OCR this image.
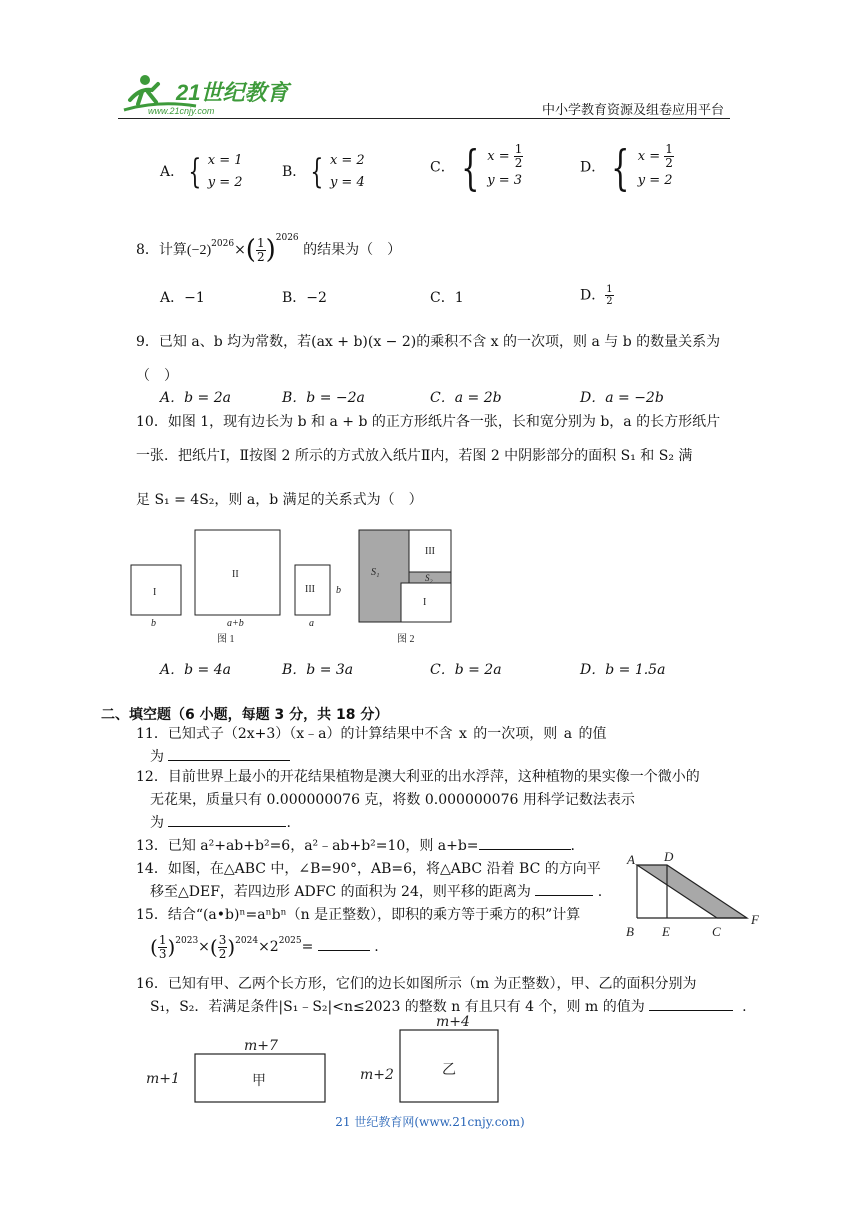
21世纪教育
www.21cnjy.com	中小学教育资源及组卷应用平台
A． { x = 1
y = 2
B． { x = 2
y = 4
C． { $x = \frac{1}{2}$
y = 3
D． { $x = \frac{1}{2}$
y = 2
8．计算$(-2)^{2026}\times( \frac{1}{2} )^{2026}$ 的结果为（　）
A．−1	B．−2	C．1	D． $\frac{1}{2}$
9．已知 a、b 均为常数，若(ax + b)(x − 2)的乘积不含 x 的一次项，则 a 与 b 的数量关系为
（　）
A．b = 2a	B．b = −2a	C．a = 2b	D．a = −2b
10．如图 1，现有边长为 b 和 a + b 的正方形纸片各一张，长和宽分别为 b，a 的长方形纸片
一张．把纸片Ⅰ，Ⅱ按图 2 所示的方式放入纸片Ⅱ内，若图 2 中阴影部分的面积 S₁ 和 S₂ 满
足 S₁ = 4S₂，则 a，b 满足的关系式为（　）
I
b
II
a+b
III
a
b
图 1
III
S₁	S₂
I
图 2
A．b = 4a	B．b = 3a	C．b = 2a	D．b = 1.5a
二、填空题（6 小题，每题 3 分，共 18 分）
11．已知式子（2x+3）（x﹣a）的计算结果中不含 x 的一次项，则 a 的值
为
12．目前世界上最小的开花结果植物是澳大利亚的出水浮萍，这种植物的果实像一个微小的
无花果，质量只有 0.000000076 克，将数 0.000000076 用科学记数法表示
为	.
13．已知 a²+ab+b²=6，a²﹣ab+b²=10，则 a+b=	.
14．如图，在△ABC 中，∠B=90°，AB=6，将△ABC 沿着 BC 的方向平
移至△DEF，若四边形 ADFC 的面积为 24，则平移的距离为	.
A D
B E	C
F
15．结合“(a•b)ⁿ=aⁿbⁿ（n 是正整数），即积的乘方等于乘方的积”计算
( $\frac{1}{3} )^{2023}\times( \frac{3}{2} )^{2024}\times 2^{2025}=$	.
16．已知有甲、乙两个长方形，它们的边长如图所示（m 为正整数），甲、乙的面积分别为
S₁，S₂．若满足条件|S₁﹣S₂|<n≤2023 的整数 n 有且只有 4 个，则 m 的值为	.
m+7
m+1	甲
m+4
m+2	乙
21 世纪教育网(www.21cnjy.com)
